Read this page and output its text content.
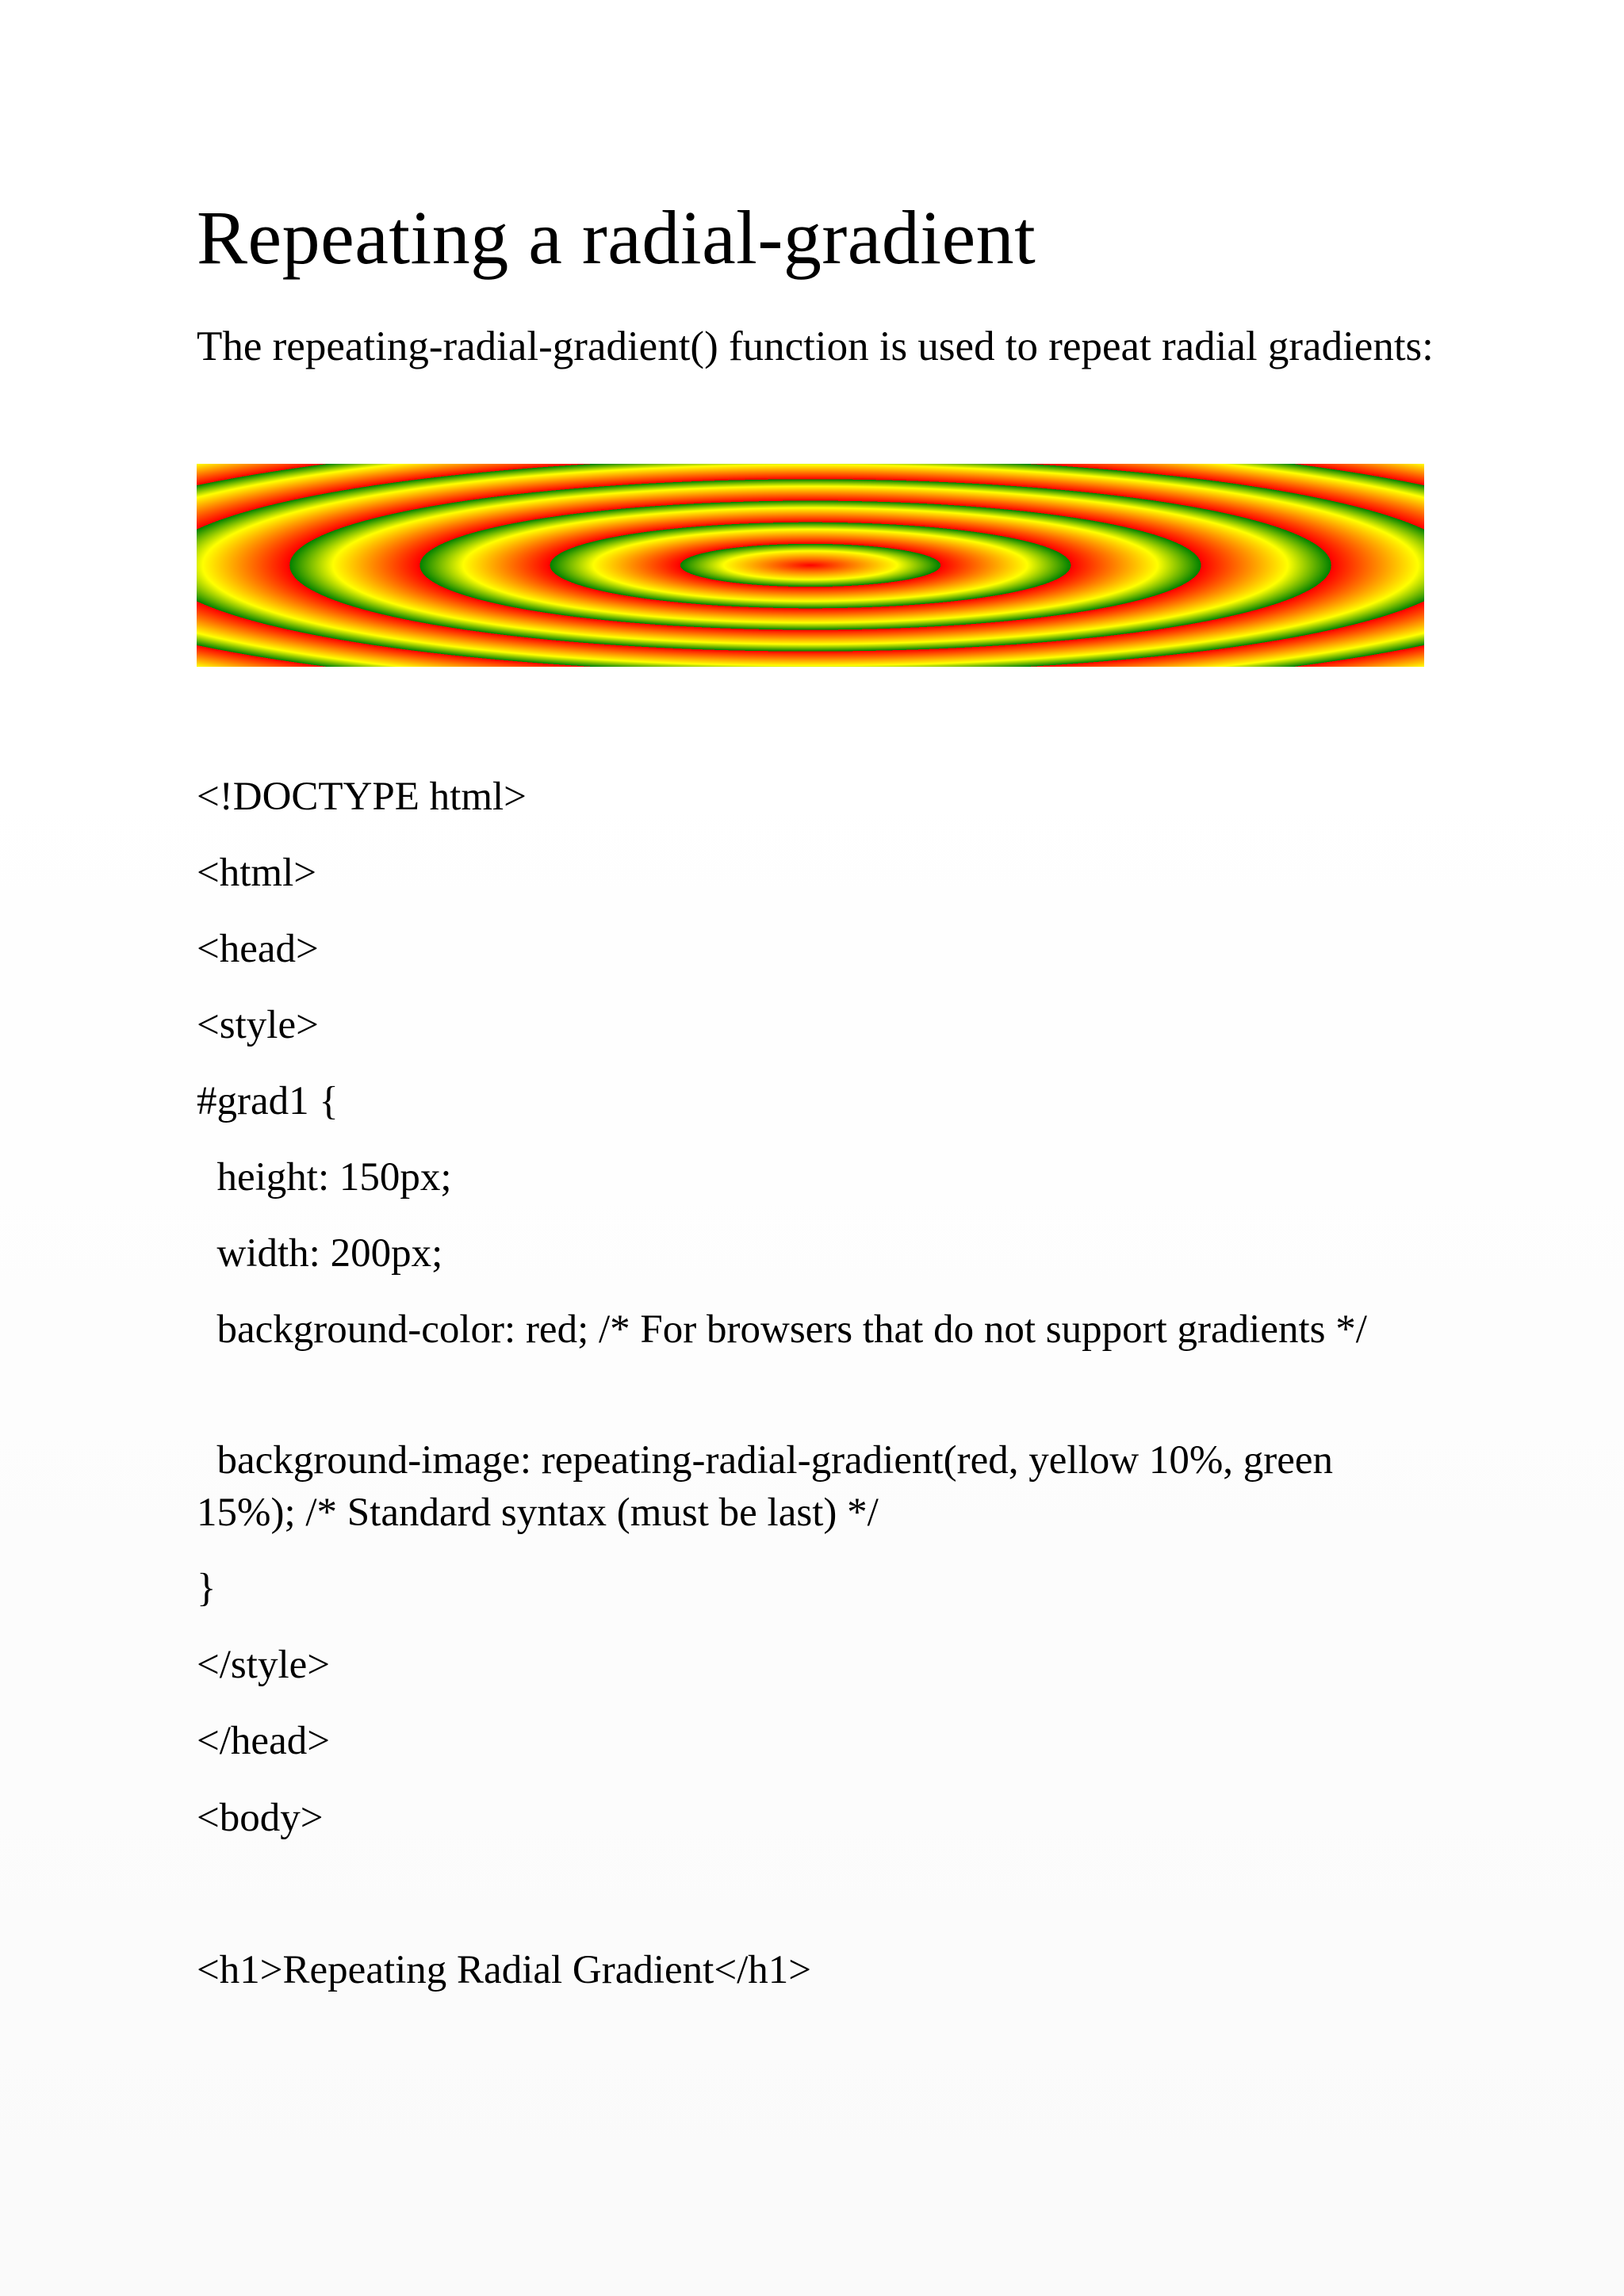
Repeating a radial-gradient

The repeating-radial-gradient() function is used to repeat radial gradients:

<!DOCTYPE html>

<html>

<head>

<style>

#grad1 {

height: 150px;

width: 200px;

background-color: red; /* For browsers that do not support gradients */

background-image: repeating-radial-gradient(red, yellow 10%, green 15%); /* Standard syntax (must be last) */

}

</style>

</head>

<body>

<h1>Repeating Radial Gradient</h1>
